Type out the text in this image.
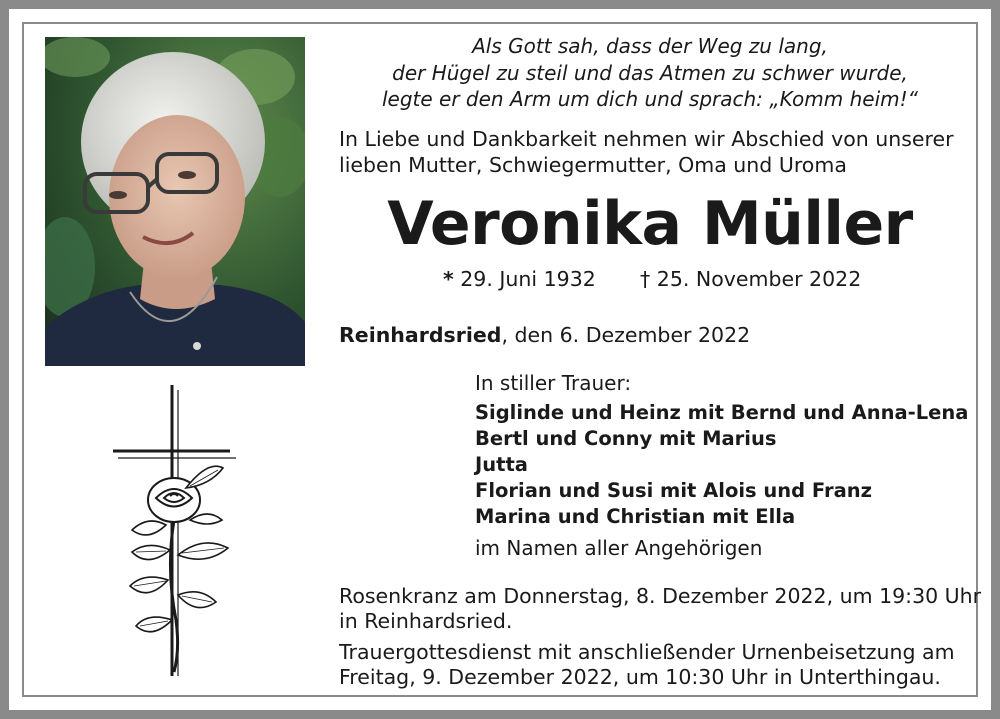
Als Gott sah, dass der Weg zu lang,
der Hügel zu steil und das Atmen zu schwer wurde,
legte er den Arm um dich und sprach: „Komm heim!“
In Liebe und Dankbarkeit nehmen wir Abschied von unserer
lieben Mutter, Schwiegermutter, Oma und Uroma
Veronika Müller
* 29. Juni 1932 † 25. November 2022
Reinhardsried, den 6. Dezember 2022
In stiller Trauer:
Siglinde und Heinz mit Bernd und Anna-Lena
Bertl und Conny mit Marius
Jutta
Florian und Susi mit Alois und Franz
Marina und Christian mit Ella
im Namen aller Angehörigen
Rosenkranz am Donnerstag, 8. Dezember 2022, um 19:30 Uhr
in Reinhardsried.
Trauergottesdienst mit anschließender Urnenbeisetzung am
Freitag, 9. Dezember 2022, um 10:30 Uhr in Unterthingau.
